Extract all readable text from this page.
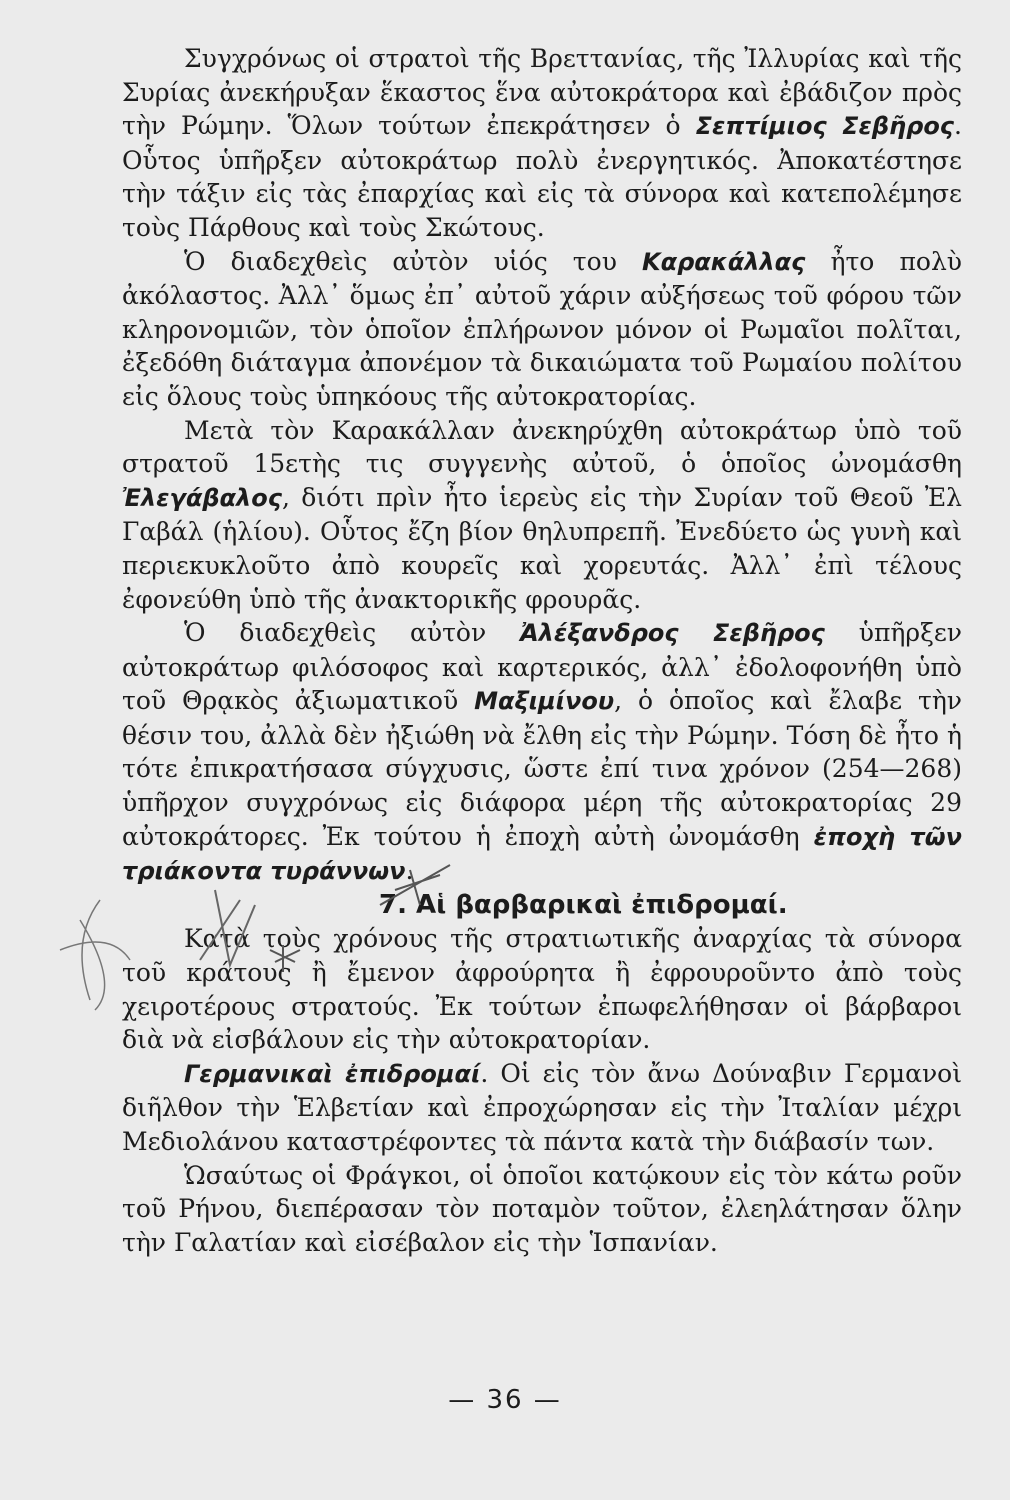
Συγχρόνως οἱ στρατοὶ τῆς Βρεττανίας, τῆς Ἰλλυρίας καὶ τῆς Συρίας ἀνεκήρυξαν ἕκαστος ἕνα αὐτοκράτορα καὶ ἐβάδιζον πρὸς τὴν Ρώμην. Ὅλων τούτων ἐπεκράτησεν ὁ Σεπτίμιος Σεβῆρος. Οὗτος ὑπῆρξεν αὐτοκράτωρ πολὺ ἐνεργητικός. Ἀποκατέστησε τὴν τάξιν εἰς τὰς ἐπαρχίας καὶ εἰς τὰ σύνορα καὶ κατεπολέμησε τοὺς Πάρθους καὶ τοὺς Σκώτους.

Ὁ διαδεχθεὶς αὐτὸν υἱός του Καρακάλλας ἦτο πολὺ ἀκόλαστος. Ἀλλ᾽ ὅμως ἐπ᾽ αὐτοῦ χάριν αὐξήσεως τοῦ φόρου τῶν κληρονομιῶν, τὸν ὁποῖον ἐπλήρωνον μόνον οἱ Ρωμαῖοι πολῖται, ἐξεδόθη διάταγμα ἀπονέμον τὰ δικαιώματα τοῦ Ρωμαίου πολίτου εἰς ὅλους τοὺς ὑπηκόους τῆς αὐτοκρατορίας.

Μετὰ τὸν Καρακάλλαν ἀνεκηρύχθη αὐτοκράτωρ ὑπὸ τοῦ στρατοῦ 15ετὴς τις συγγενὴς αὐτοῦ, ὁ ὁποῖος ὠνομάσθη Ἐλεγάβαλος, διότι πρὶν ἦτο ἱερεὺς εἰς τὴν Συρίαν τοῦ Θεοῦ Ἐλ Γαβάλ (ἡλίου). Οὗτος ἔζη βίον θηλυπρεπῆ. Ἐνεδύετο ὡς γυνὴ καὶ περιεκυκλοῦτο ἀπὸ κουρεῖς καὶ χορευτάς. Ἀλλ᾽ ἐπὶ τέλους ἐφονεύθη ὑπὸ τῆς ἀνακτορικῆς φρουρᾶς.

Ὁ διαδεχθεὶς αὐτὸν Ἀλέξανδρος Σεβῆρος ὑπῆρξεν αὐτοκράτωρ φιλόσοφος καὶ καρτερικός, ἀλλ᾽ ἐδολοφονήθη ὑπὸ τοῦ Θρᾳκὸς ἀξιωματικοῦ Μαξιμίνου, ὁ ὁποῖος καὶ ἔλαβε τὴν θέσιν του, ἀλλὰ δὲν ἠξιώθη νὰ ἔλθη εἰς τὴν Ρώμην. Τόση δὲ ἦτο ἡ τότε ἐπικρατήσασα σύγχυσις, ὥστε ἐπί τινα χρόνον (254—268) ὑπῆρχον συγχρόνως εἰς διάφορα μέρη τῆς αὐτοκρατορίας 29 αὐτοκράτορες. Ἐκ τούτου ἡ ἐποχὴ αὐτὴ ὠνομάσθη ἐποχὴ τῶν τριάκοντα τυράννων.

7. Αἱ βαρβαρικαὶ ἐπιδρομαί.

Κατὰ τοὺς χρόνους τῆς στρατιωτικῆς ἀναρχίας τὰ σύνορα τοῦ κράτους ἢ ἔμενον ἀφρούρητα ἢ ἐφρουροῦντο ἀπὸ τοὺς χειροτέρους στρατούς. Ἐκ τούτων ἐπωφελήθησαν οἱ βάρβαροι διὰ νὰ εἰσβάλουν εἰς τὴν αὐτοκρατορίαν.

Γερμανικαὶ ἐπιδρομαί. Οἱ εἰς τὸν ἄνω Δούναβιν Γερμανοὶ διῆλθον τὴν Ἑλβετίαν καὶ ἐπροχώρησαν εἰς τὴν Ἰταλίαν μέχρι Μεδιολάνου καταστρέφοντες τὰ πάντα κατὰ τὴν διάβασίν των.

Ὡσαύτως οἱ Φράγκοι, οἱ ὁποῖοι κατῴκουν εἰς τὸν κάτω ροῦν τοῦ Ρήνου, διεπέρασαν τὸν ποταμὸν τοῦτον, ἐλεηλάτησαν ὅλην τὴν Γαλατίαν καὶ εἰσέβαλον εἰς τὴν Ἱσπανίαν.

— 36 —
